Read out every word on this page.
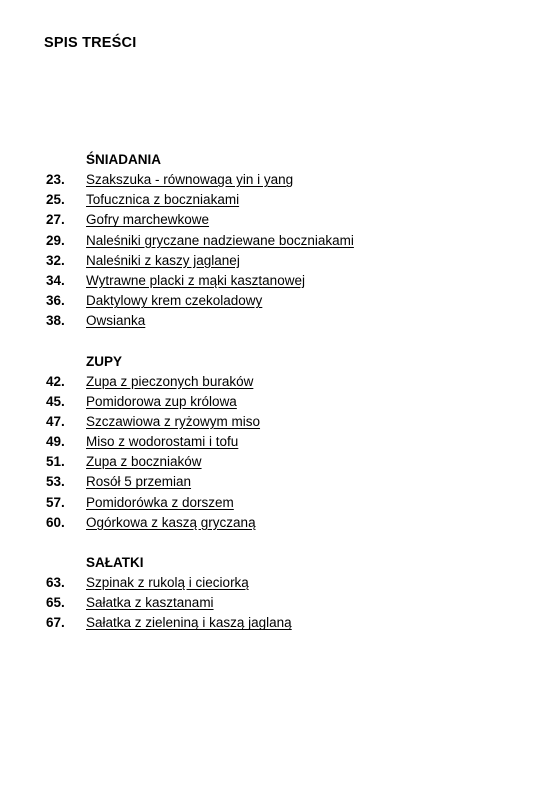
SPIS TREŚCI
ŚNIADANIA
23.	Szakszuka - równowaga yin i yang
25.	Tofucznica z boczniakami
27.	Gofry marchewkowe
29.	Naleśniki gryczane nadziewane boczniakami
32.	Naleśniki z kaszy jaglanej
34.	Wytrawne placki z mąki kasztanowej
36.	Daktylowy krem czekoladowy
38.	Owsianka
ZUPY
42.	Zupa z pieczonych buraków
45.	Pomidorowa zup królowa
47.	Szczawiowa z ryżowym miso
49.	Miso z wodorostami i tofu
51.	Zupa z boczniaków
53.	Rosół 5 przemian
57.	Pomidorówka z dorszem
60.	Ogórkowa z kaszą gryczaną
SAŁATKI
63.	Szpinak z rukolą i cieciorką
65.	Sałatka z kasztanami
67.	Sałatka z zieleniną i kaszą jaglaną
